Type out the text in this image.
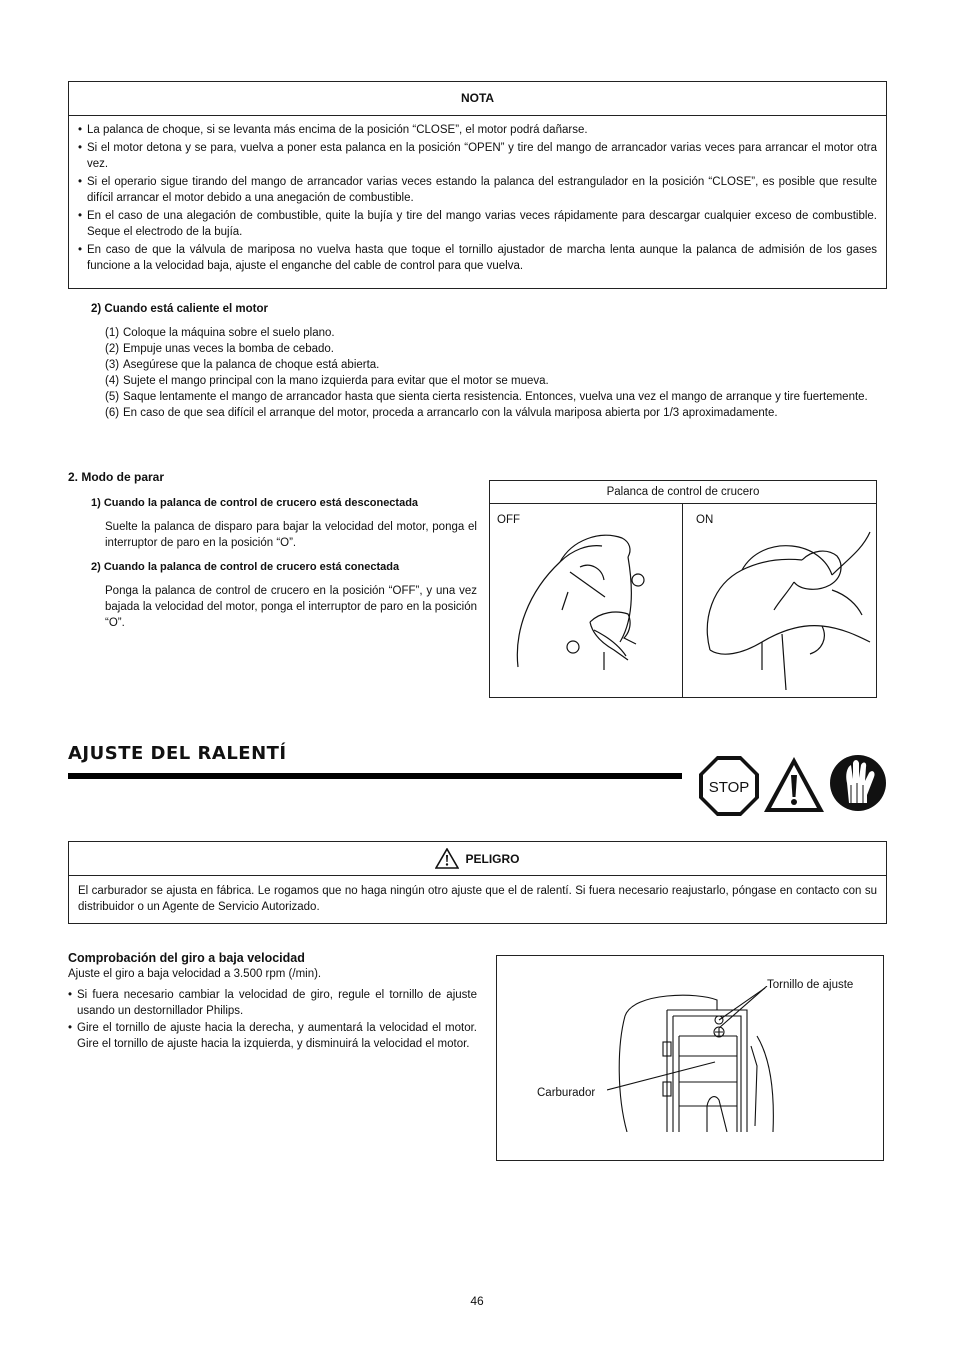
NOTA
• La palanca de choque, si se levanta más encima de la posición “CLOSE”, el motor podrá dañarse.
• Si el motor detona y se para, vuelva a poner esta palanca en la posición “OPEN” y tire del mango de arrancador varias veces para arrancar el motor otra vez.
• Si el operario sigue tirando del mango de arrancador varias veces estando la palanca del estrangulador en la posición “CLOSE”, es posible que resulte difícil arrancar el motor debido a una anegación de combustible.
• En el caso de una alegación de combustible, quite la bujía y tire del mango varias veces rápidamente para descargar cualquier exceso de combustible. Seque el electrodo de la bujía.
• En caso de que la válvula de mariposa no vuelva hasta que toque el tornillo ajustador de marcha lenta aunque la palanca de admisión de los gases funcione a la velocidad baja, ajuste el enganche del cable de control para que vuelva.
2) Cuando está caliente el motor
(1) Coloque la máquina sobre el suelo plano.
(2) Empuje unas veces la bomba de cebado.
(3) Asegúrese que la palanca de choque está abierta.
(4) Sujete el mango principal con la mano izquierda para evitar que el motor se mueva.
(5) Saque lentamente el mango de arrancador hasta que sienta cierta resistencia. Entonces, vuelva una vez el mango de arranque y tire fuertemente.
(6) En caso de que sea difícil el arranque del motor, proceda a arrancarlo con la válvula mariposa abierta por 1/3 aproximadamente.
2. Modo de parar
1) Cuando la palanca de control de crucero está desconectada
Suelte la palanca de disparo para bajar la velocidad del motor, ponga el interruptor de paro en la posición “O”.
2) Cuando la palanca de control de crucero está conectada
Ponga la palanca de control de crucero en la posición “OFF”, y una vez bajada la velocidad del motor, ponga el interruptor de paro en la posición “O”.
Palanca de control de crucero
OFF	ON
AJUSTE DEL RALENTÍ
STOP
PELIGRO
El carburador se ajusta en fábrica. Le rogamos que no haga ningún otro ajuste que el de ralentí. Si fuera necesario reajustarlo, póngase en contacto con su distribuidor o un Agente de Servicio Autorizado.
Comprobación del giro a baja velocidad
Ajuste el giro a baja velocidad a 3.500 rpm (/min).
• Si fuera necesario cambiar la velocidad de giro, regule el tornillo de ajuste usando un destornillador Philips.
• Gire el tornillo de ajuste hacia la derecha, y aumentará la velocidad el motor. Gire el tornillo de ajuste hacia la izquierda, y disminuirá la velocidad el motor.
Tornillo de ajuste
Carburador
46
